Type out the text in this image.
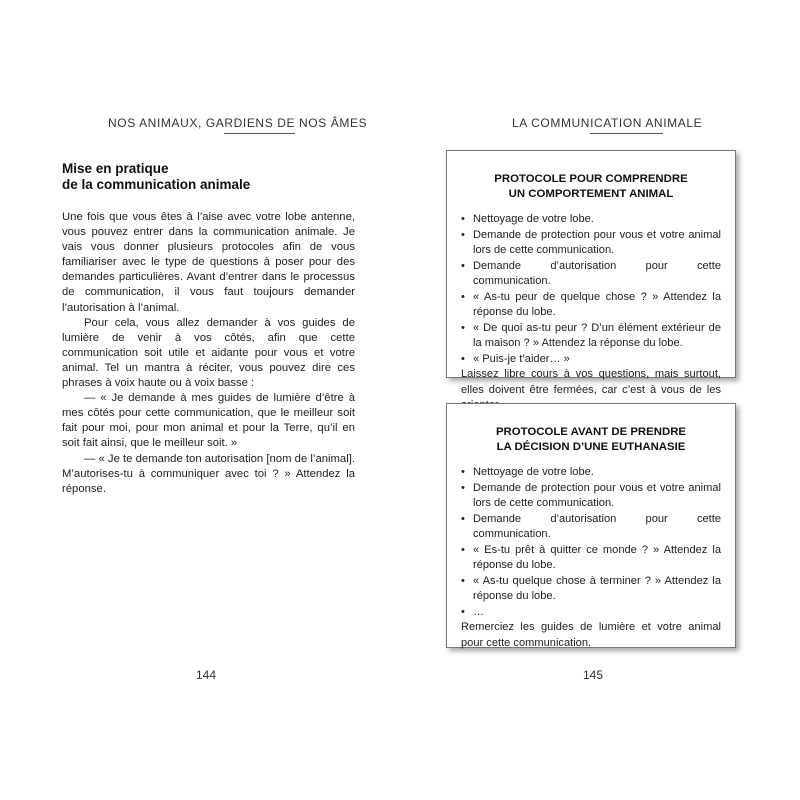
NOS ANIMAUX, GARDIENS DE NOS ÂMES
Mise en pratique
de la communication animale

Une fois que vous êtes à l’aise avec votre lobe antenne, vous pouvez entrer dans la communication animale. Je vais vous donner plusieurs protocoles afin de vous familiariser avec le type de questions à poser pour des demandes particulières. Avant d’entrer dans le processus de communication, il vous faut toujours demander l’autorisation à l’animal.

Pour cela, vous allez demander à vos guides de lumière de venir à vos côtés, afin que cette communication soit utile et aidante pour vous et votre animal. Tel un mantra à réciter, vous pouvez dire ces phrases à voix haute ou à voix basse :

— « Je demande à mes guides de lumière d’être à mes côtés pour cette communication, que le meilleur soit fait pour moi, pour mon animal et pour la Terre, qu’il en soit fait ainsi, que le meilleur soit. »

— « Je te demande ton autorisation [nom de l’animal]. M’autorises-tu à communiquer avec toi ? » Attendez la réponse.

144
LA COMMUNICATION ANIMALE
PROTOCOLE POUR COMPRENDRE
UN COMPORTEMENT ANIMAL
• Nettoyage de votre lobe.
• Demande de protection pour vous et votre animal lors de cette communication.
• Demande d’autorisation pour cette communication.
• « As-tu peur de quelque chose ? » Attendez la réponse du lobe.
• « De quoi as-tu peur ? D’un élément extérieur de la maison ? » Attendez la réponse du lobe.
• « Puis-je t’aider… »

Laissez libre cours à vos questions, mais surtout, elles doivent être fermées, car c’est à vous de les

PROTOCOLE AVANT DE PRENDRE
LA DÉCISION D’UNE EUTHANASIE
• Nettoyage de votre lobe.
• Demande de protection pour vous et votre animal lors de cette communication.
• Demande d’autorisation pour cette communication.
• « Es-tu prêt à quitter ce monde ? » Attendez la réponse du lobe.
• « As-tu quelque chose à terminer ? » Attendez la réponse du lobe.
• …

Remerciez les guides de lumière et votre animal pour cette communication.

145
